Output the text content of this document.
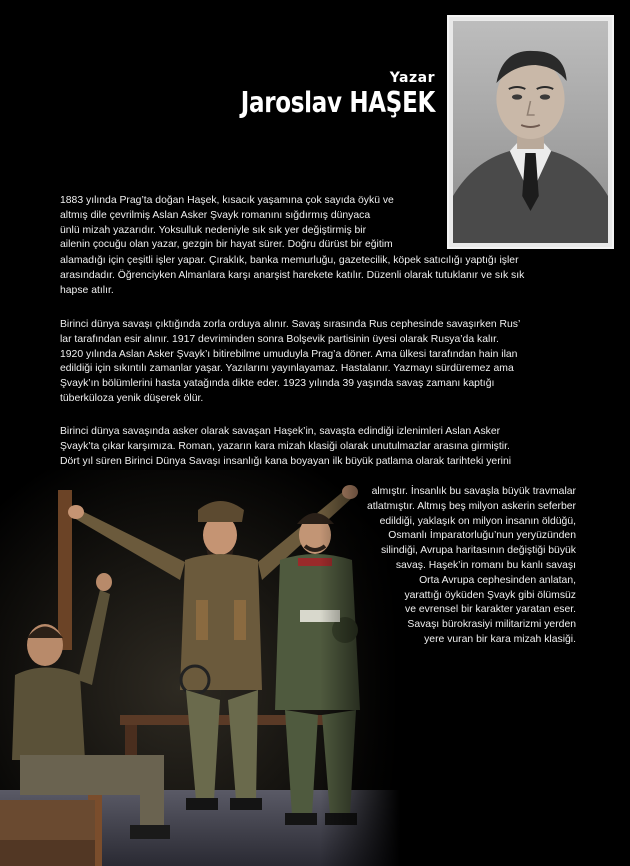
Yazar
Jaroslav HAŞEK
1883 yılında Prag’ta doğan Haşek, kısacık yaşamına çok sayıda öykü ve
altmış dile çevrilmiş Aslan Asker Şvayk romanını sığdırmış dünyaca
ünlü mizah yazarıdır. Yoksulluk nedeniyle sık sık yer değiştirmiş bir
ailenin çocuğu olan yazar, gezgin bir hayat sürer. Doğru dürüst bir eğitim
alamadığı için çeşitli işler yapar. Çıraklık, banka memurluğu, gazetecilik, köpek satıcılığı yaptığı işler
arasındadır. Öğrenciyken Almanlara karşı anarşist harekete katılır. Düzenli olarak tutuklanır ve sık sık
hapse atılır.
Birinci dünya savaşı çıktığında zorla orduya alınır. Savaş sırasında Rus cephesinde savaşırken Rus’
lar tarafından esir alınır. 1917 devriminden sonra Bolşevik partisinin üyesi olarak Rusya’da kalır.
1920 yılında Aslan Asker Şvayk’ı bitirebilme umuduyla Prag’a döner. Ama ülkesi tarafından hain ilan
edildiği için sıkıntılı zamanlar yaşar. Yazılarını yayınlayamaz. Hastalanır. Yazmayı sürdüremez ama
Şvayk’ın bölümlerini hasta yatağında dikte eder. 1923 yılında 39 yaşında savaş zamanı kaptığı
tüberküloza yenik düşerek ölür.
Birinci dünya savaşında asker olarak savaşan Haşek’in, savaşta edindiği izlenimleri Aslan Asker
Şvayk’ta çıkar karşımıza. Roman, yazarın kara mizah klasiği olarak unutulmazlar arasına girmiştir.
Dört yıl süren Birinci Dünya Savaşı insanlığı kana boyayan ilk büyük patlama olarak tarihteki yerini
almıştır. İnsanlık bu savaşla büyük travmalar
atlatmıştır. Altmış beş milyon askerin seferber
edildiği, yaklaşık on milyon insanın öldüğü,
Osmanlı İmparatorluğu’nun yeryüzünden
silindiği, Avrupa haritasının değiştiği büyük
savaş. Haşek’in romanı bu kanlı savaşı
Orta Avrupa cephesinden anlatan,
yarattığı öyküden Şvayk gibi ölümsüz
ve evrensel bir karakter yaratan eser.
Savaşı bürokrasiyi militarizmi yerden
yere vuran bir kara mizah klasiği.
